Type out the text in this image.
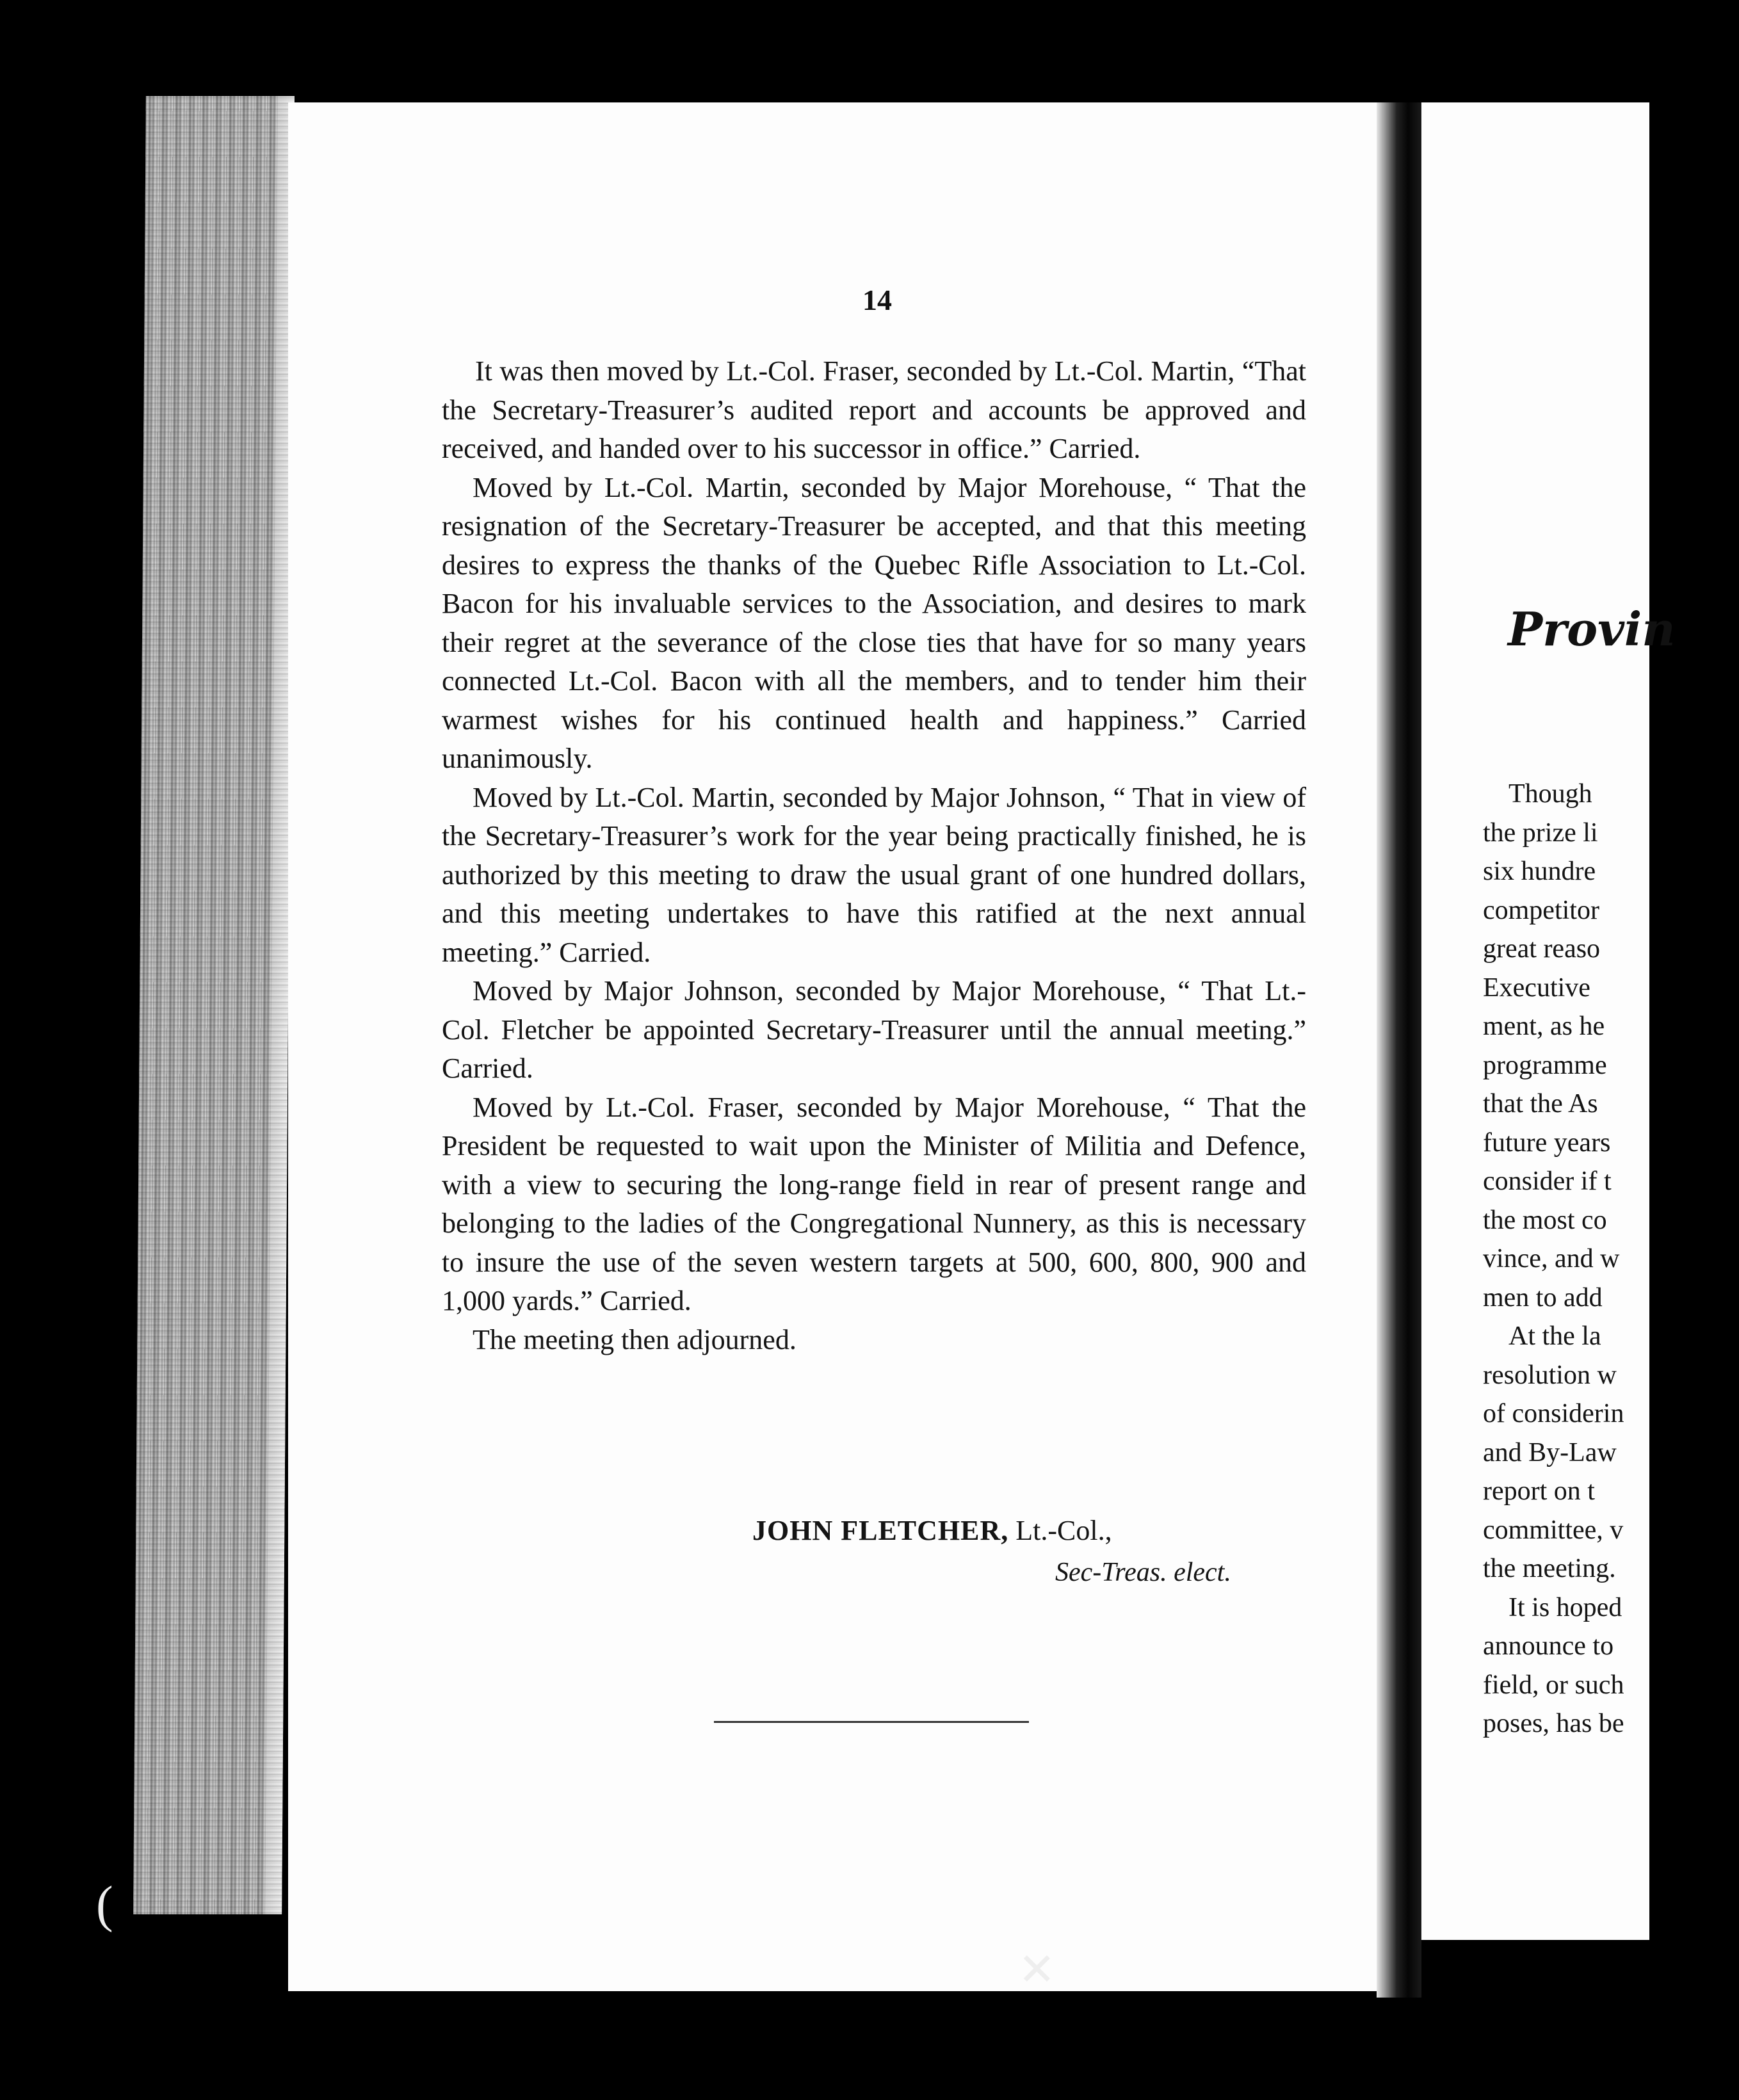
14

It was then moved by Lt.-Col. Fraser, seconded by Lt.-Col. Martin, “That the Secretary-Treasurer’s audited report and accounts be approved and received, and handed over to his successor in office.” Carried.

Moved by Lt.-Col. Martin, seconded by Major Morehouse, “ That the resignation of the Secretary-Treasurer be accepted, and that this meeting desires to express the thanks of the Quebec Rifle Association to Lt.-Col. Bacon for his invaluable services to the Association, and desires to mark their regret at the severance of the close ties that have for so many years connected Lt.-Col. Bacon with all the members, and to tender him their warmest wishes for his continued health and happiness.” Carried unanimously.

Moved by Lt.-Col. Martin, seconded by Major Johnson, “ That in view of the Secretary-Treasurer’s work for the year being practically finished, he is authorized by this meeting to draw the usual grant of one hundred dollars, and this meeting undertakes to have this ratified at the next annual meeting.” Carried.

Moved by Major Johnson, seconded by Major Morehouse, “ That Lt.-Col. Fletcher be appointed Secretary-Treasurer until the annual meeting.” Carried.

Moved by Lt.-Col. Fraser, seconded by Major Morehouse, “ That the President be requested to wait upon the Minister of Militia and Defence, with a view to securing the long-range field in rear of present range and belonging to the ladies of the Congregational Nunnery, as this is necessary to insure the use of the seven western targets at 500, 600, 800, 900 and 1,000 yards.” Carried.

The meeting then adjourned.

JOHN FLETCHER, Lt.-Col.,
Sec-Treas. elect.
Provin
Though
the prize li
six hundre
competitor
great reaso
Executive
ment, as he
programme
that the As
future years
consider if t
the most co
vince, and w
men to add
At the la
resolution w
of considerin
and By-Law
report on t
committee, v
the meeting.
It is hoped
announce to
field, or such
poses, has be
(
✕
